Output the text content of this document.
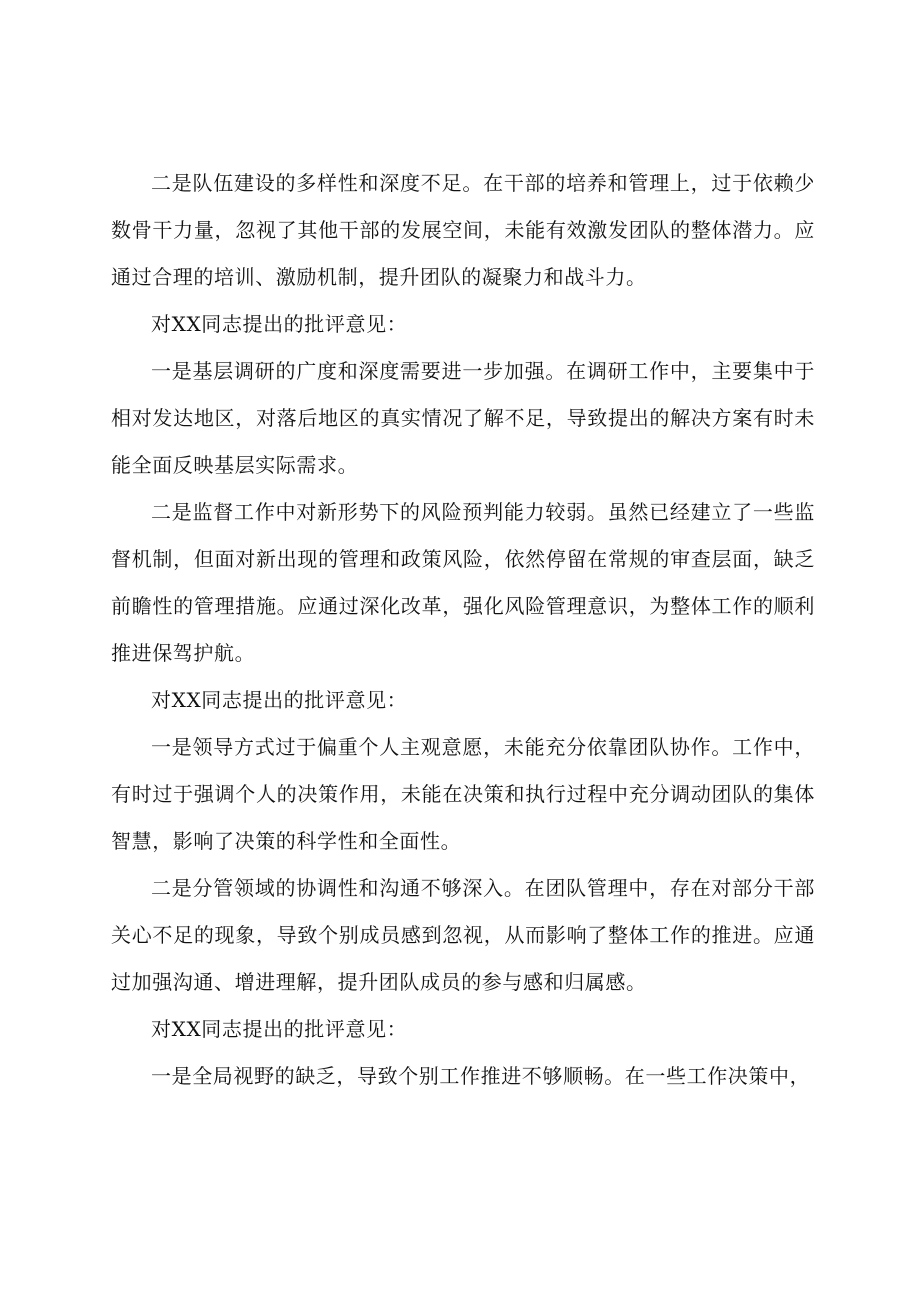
二是队伍建设的多样性和深度不足。在干部的培养和管理上，过于依赖少数骨干力量，忽视了其他干部的发展空间，未能有效激发团队的整体潜力。应通过合理的培训、激励机制，提升团队的凝聚力和战斗力。

对XX同志提出的批评意见：

一是基层调研的广度和深度需要进一步加强。在调研工作中，主要集中于相对发达地区，对落后地区的真实情况了解不足，导致提出的解决方案有时未能全面反映基层实际需求。

二是监督工作中对新形势下的风险预判能力较弱。虽然已经建立了一些监督机制，但面对新出现的管理和政策风险，依然停留在常规的审查层面，缺乏前瞻性的管理措施。应通过深化改革，强化风险管理意识，为整体工作的顺利推进保驾护航。

对XX同志提出的批评意见：

一是领导方式过于偏重个人主观意愿，未能充分依靠团队协作。工作中，有时过于强调个人的决策作用，未能在决策和执行过程中充分调动团队的集体智慧，影响了决策的科学性和全面性。

二是分管领域的协调性和沟通不够深入。在团队管理中，存在对部分干部关心不足的现象，导致个别成员感到忽视，从而影响了整体工作的推进。应通过加强沟通、增进理解，提升团队成员的参与感和归属感。

对XX同志提出的批评意见：

一是全局视野的缺乏，导致个别工作推进不够顺畅。在一些工作决策中，
